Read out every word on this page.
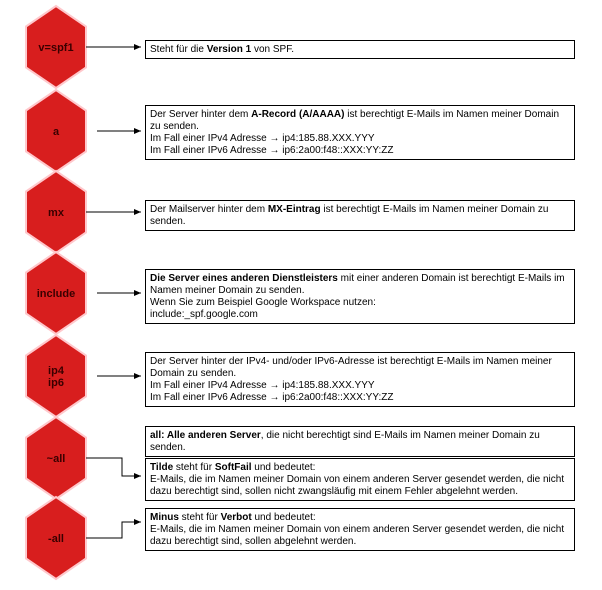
v=spf1
a
mx
include
ip4
ip6
~all
-all
Steht für die Version 1 von SPF.
Der Server hinter dem A-Record (A/AAAA) ist berechtigt E-Mails im Namen meiner Domain zu senden.
Im Fall einer IPv4 Adresse → ip4:185.88.XXX.YYY
Im Fall einer IPv6 Adresse → ip6:2a00:f48::XXX:YY:ZZ
Der Mailserver hinter dem MX-Eintrag ist berechtigt E-Mails im Namen meiner Domain zu senden.
Die Server eines anderen Dienstleisters mit einer anderen Domain ist berechtigt E-Mails im Namen meiner Domain zu senden.
Wenn Sie zum Beispiel Google Workspace nutzen:
include:_spf.google.com
Der Server hinter der IPv4- und/oder IPv6-Adresse ist berechtigt E-Mails im Namen meiner Domain zu senden.
Im Fall einer IPv4 Adresse → ip4:185.88.XXX.YYY
Im Fall einer IPv6 Adresse → ip6:2a00:f48::XXX:YY:ZZ
all: Alle anderen Server, die nicht berechtigt sind E-Mails im Namen meiner Domain zu senden.
Tilde steht für SoftFail und bedeutet:
E-Mails, die im Namen meiner Domain von einem anderen Server gesendet werden, die nicht dazu berechtigt sind, sollen nicht zwangsläufig mit einem Fehler abgelehnt werden.
Minus steht für Verbot und bedeutet:
E-Mails, die im Namen meiner Domain von einem anderen Server gesendet werden, die nicht dazu berechtigt sind, sollen abgelehnt werden.
